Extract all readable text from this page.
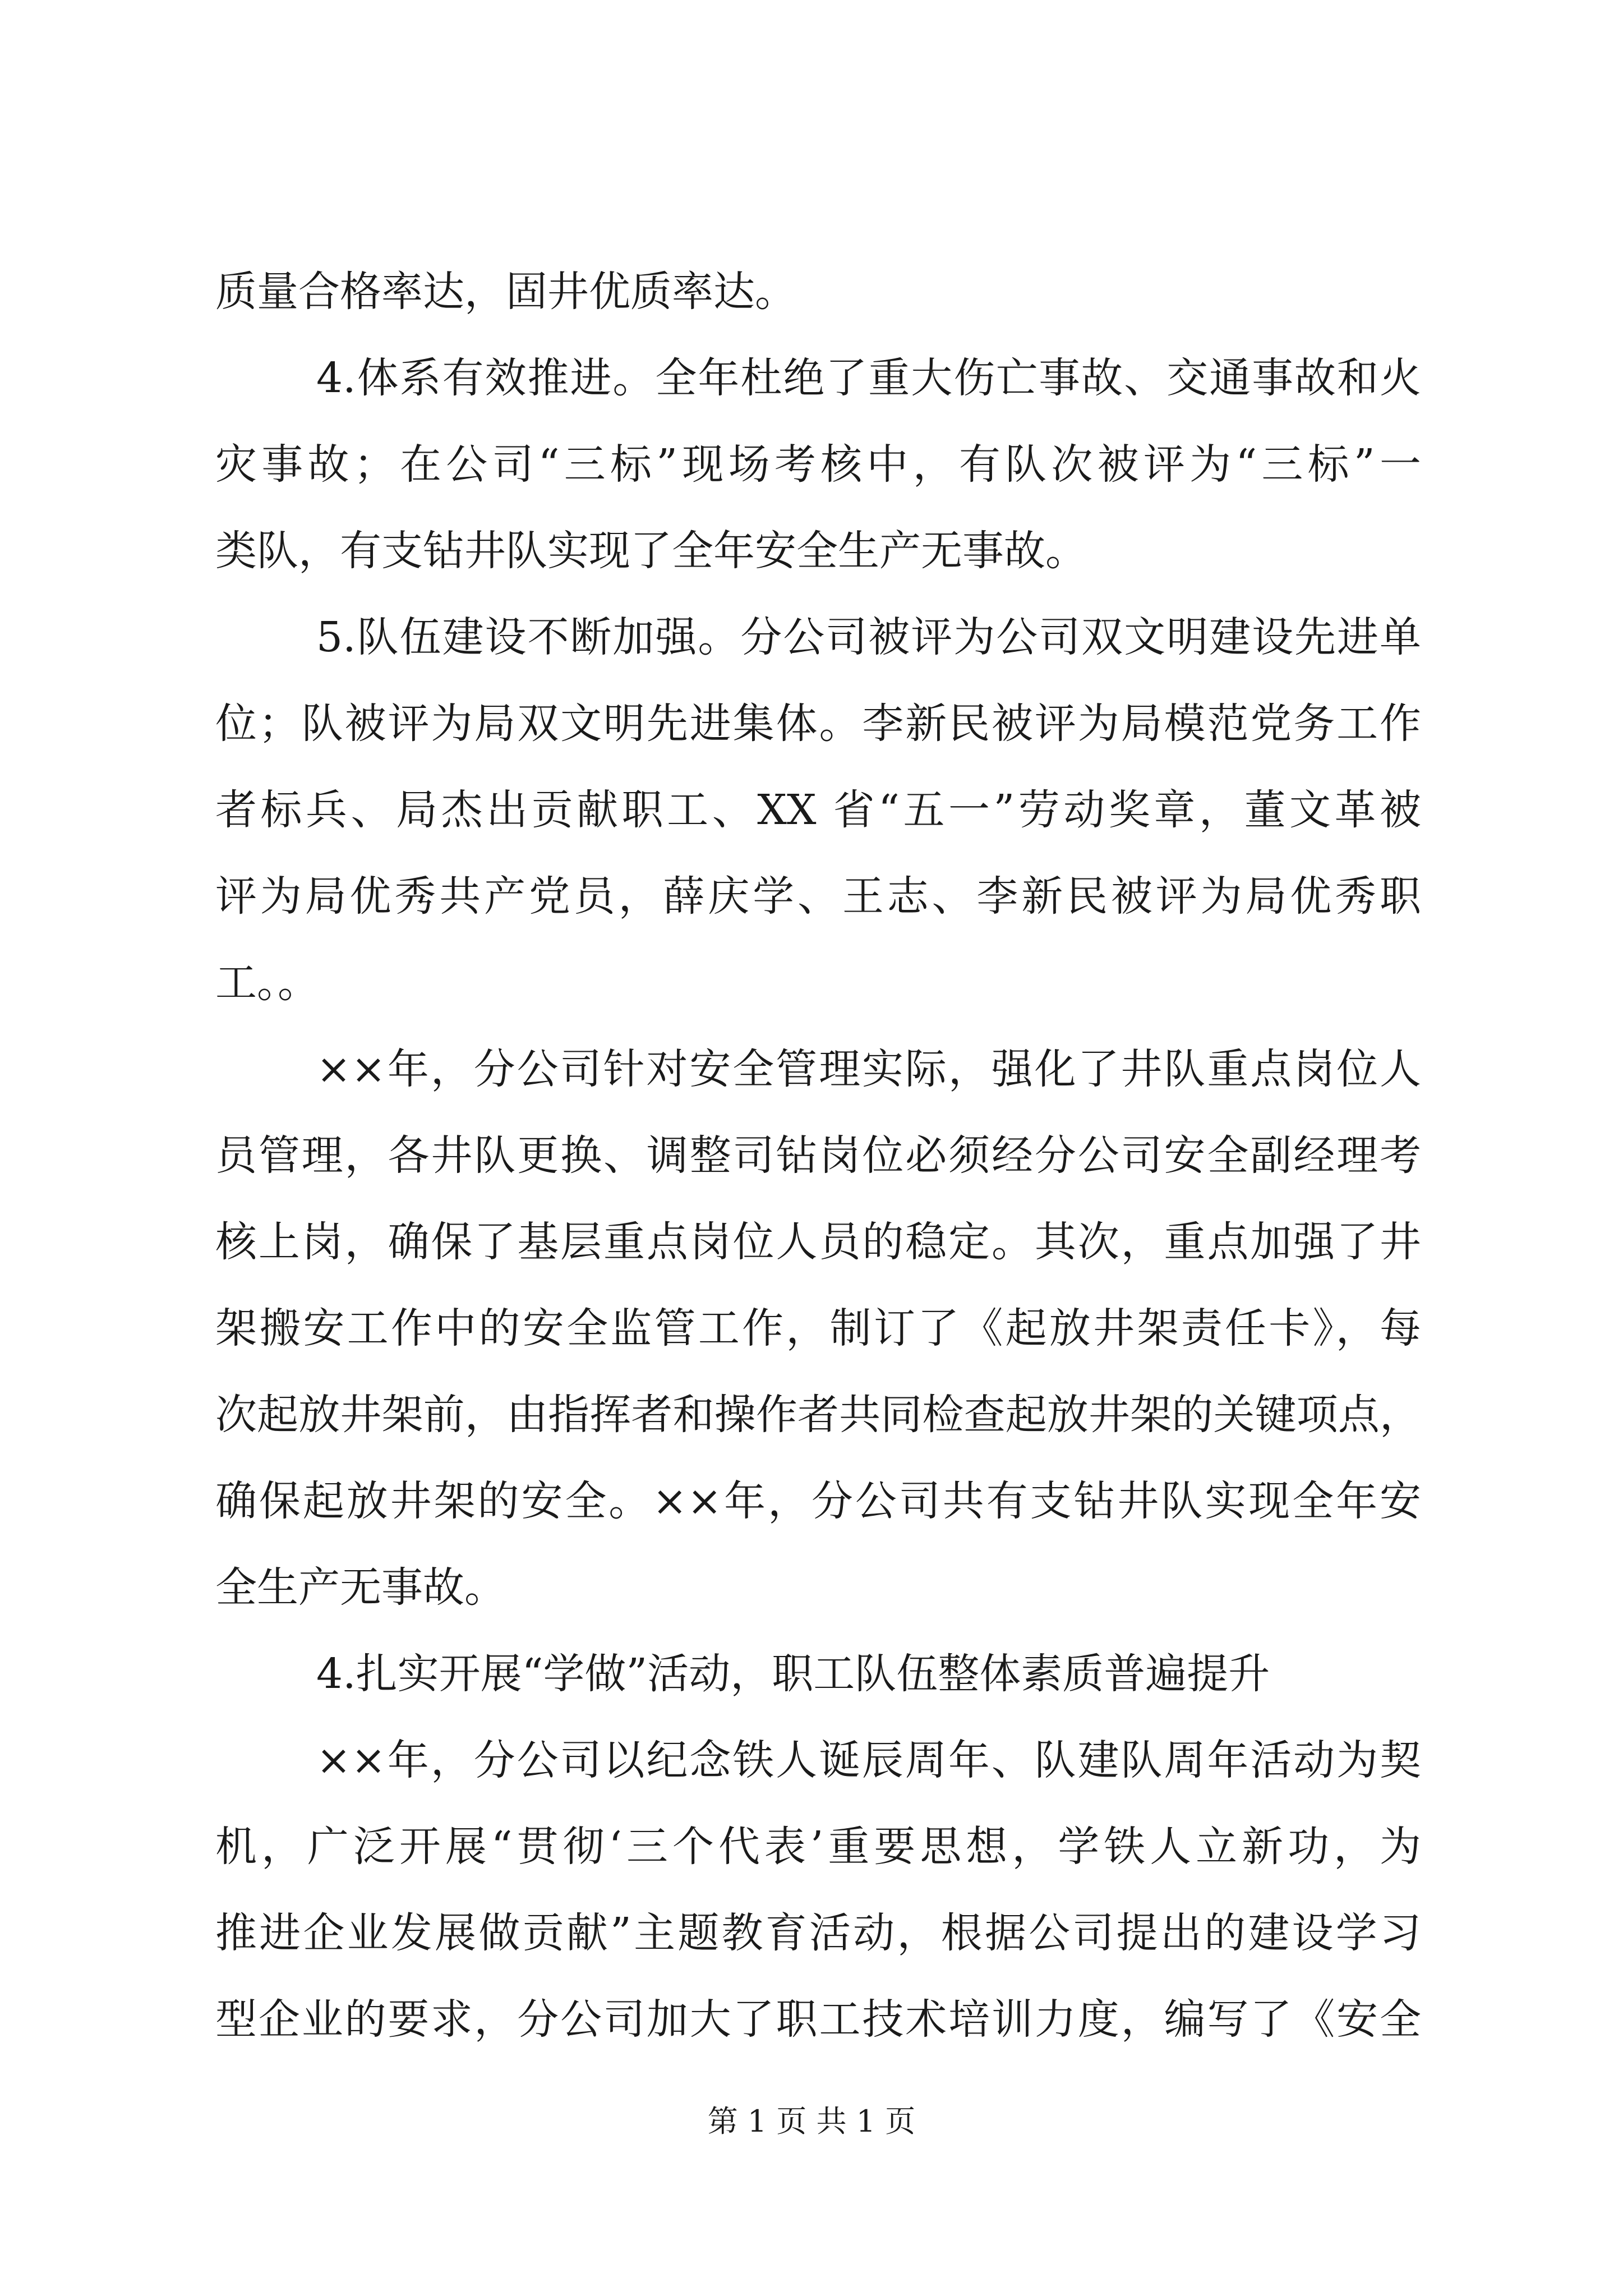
质量合格率达，固井优质率达。
4.体系有效推进。全年杜绝了重大伤亡事故、交通事故和火
灾事故；在公司“三标”现场考核中，有队次被评为“三标”一
类队，有支钻井队实现了全年安全生产无事故。
5.队伍建设不断加强。分公司被评为公司双文明建设先进单
位；队被评为局双文明先进集体。李新民被评为局模范党务工作
者标兵、局杰出贡献职工、XX 省“五一”劳动奖章，董文革被
评为局优秀共产党员，薛庆学、王志、李新民被评为局优秀职
工。。
××年，分公司针对安全管理实际，强化了井队重点岗位人
员管理，各井队更换、调整司钻岗位必须经分公司安全副经理考
核上岗，确保了基层重点岗位人员的稳定。其次，重点加强了井
架搬安工作中的安全监管工作，制订了《起放井架责任卡》，每
次起放井架前，由指挥者和操作者共同检查起放井架的关键项点，
确保起放井架的安全。××年，分公司共有支钻井队实现全年安
全生产无事故。
4.扎实开展“学做”活动，职工队伍整体素质普遍提升
××年，分公司以纪念铁人诞辰周年、队建队周年活动为契
机，广泛开展“贯彻‘三个代表’重要思想，学铁人立新功，为
推进企业发展做贡献”主题教育活动，根据公司提出的建设学习
型企业的要求，分公司加大了职工技术培训力度，编写了《安全
第 1 页 共 1 页
